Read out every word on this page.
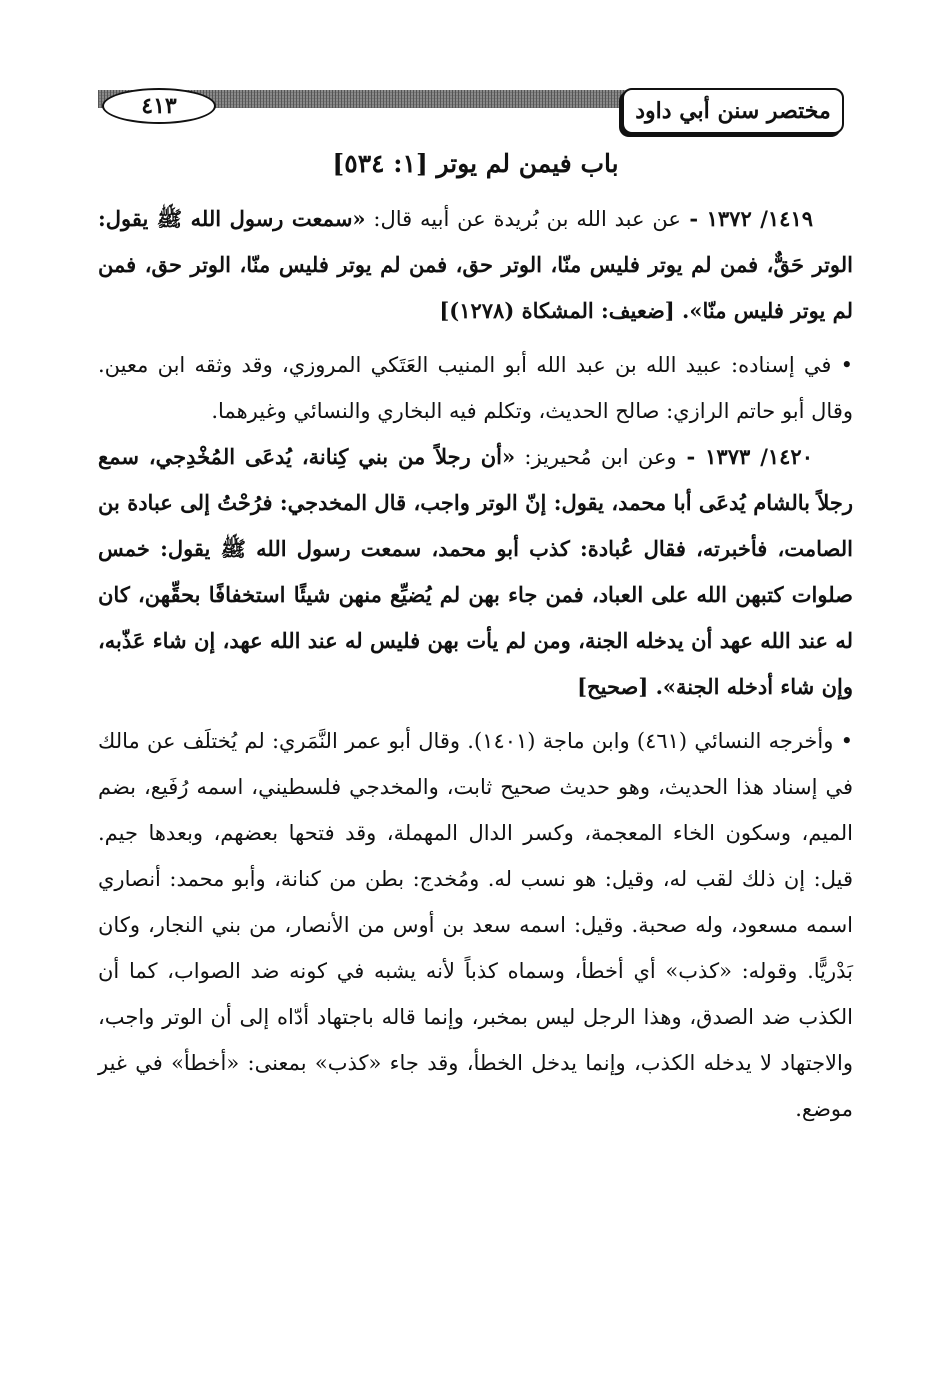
٤١٣	مختصر سنن أبي داود
باب فيمن لم يوتر [١: ٥٣٤]

١٤١٩/ ١٣٧٢ - عن عبد الله بن بُريدة عن أبيه قال: «سمعت رسول الله ﷺ يقول: الوتر حَقٌّ، فمن لم يوتر فليس منّا، الوتر حق، فمن لم يوتر فليس منّا، الوتر حق، فمن لم يوتر فليس منّا». [ضعيف: المشكاة (١٢٧٨)]

• في إسناده: عبيد الله بن عبد الله أبو المنيب العَتَكي المروزي، وقد وثقه ابن معين. وقال أبو حاتم الرازي: صالح الحديث، وتكلم فيه البخاري والنسائي وغيرهما.

١٤٢٠/ ١٣٧٣ - وعن ابن مُحيريز: «أن رجلاً من بني كِنانة، يُدعَى المُخْدِجي، سمع رجلاً بالشام يُدعَى أبا محمد، يقول: إنّ الوتر واجب، قال المخدجي: فرُحْتُ إلى عبادة بن الصامت، فأخبرته، فقال عُبادة: كذب أبو محمد، سمعت رسول الله ﷺ يقول: خمس صلوات كتبهن الله على العباد، فمن جاء بهن لم يُضيِّع منهن شيئًا استخفافًا بحقِّهن، كان له عند الله عهد أن يدخله الجنة، ومن لم يأت بهن فليس له عند الله عهد، إن شاء عَذّبه، وإن شاء أدخله الجنة». [صحيح]

• وأخرجه النسائي (٤٦١) وابن ماجة (١٤٠١). وقال أبو عمر النَّمَري: لم يُختلَف عن مالك في إسناد هذا الحديث، وهو حديث صحيح ثابت، والمخدجي فلسطيني، اسمه رُفَيع، بضم الميم، وسكون الخاء المعجمة، وكسر الدال المهملة، وقد فتحها بعضهم، وبعدها جيم. قيل: إن ذلك لقب له، وقيل: هو نسب له. ومُخدج: بطن من كنانة، وأبو محمد: أنصاري اسمه مسعود، وله صحبة. وقيل: اسمه سعد بن أوس من الأنصار، من بني النجار، وكان بَدْريًّا. وقوله: «كذب» أي أخطأ، وسماه كذباً لأنه يشبه في كونه ضد الصواب، كما أن الكذب ضد الصدق، وهذا الرجل ليس بمخبر، وإنما قاله باجتهاد أدّاه إلى أن الوتر واجب، والاجتهاد لا يدخله الكذب، وإنما يدخل الخطأ، وقد جاء «كذب» بمعنى: «أخطأ» في غير موضع.
